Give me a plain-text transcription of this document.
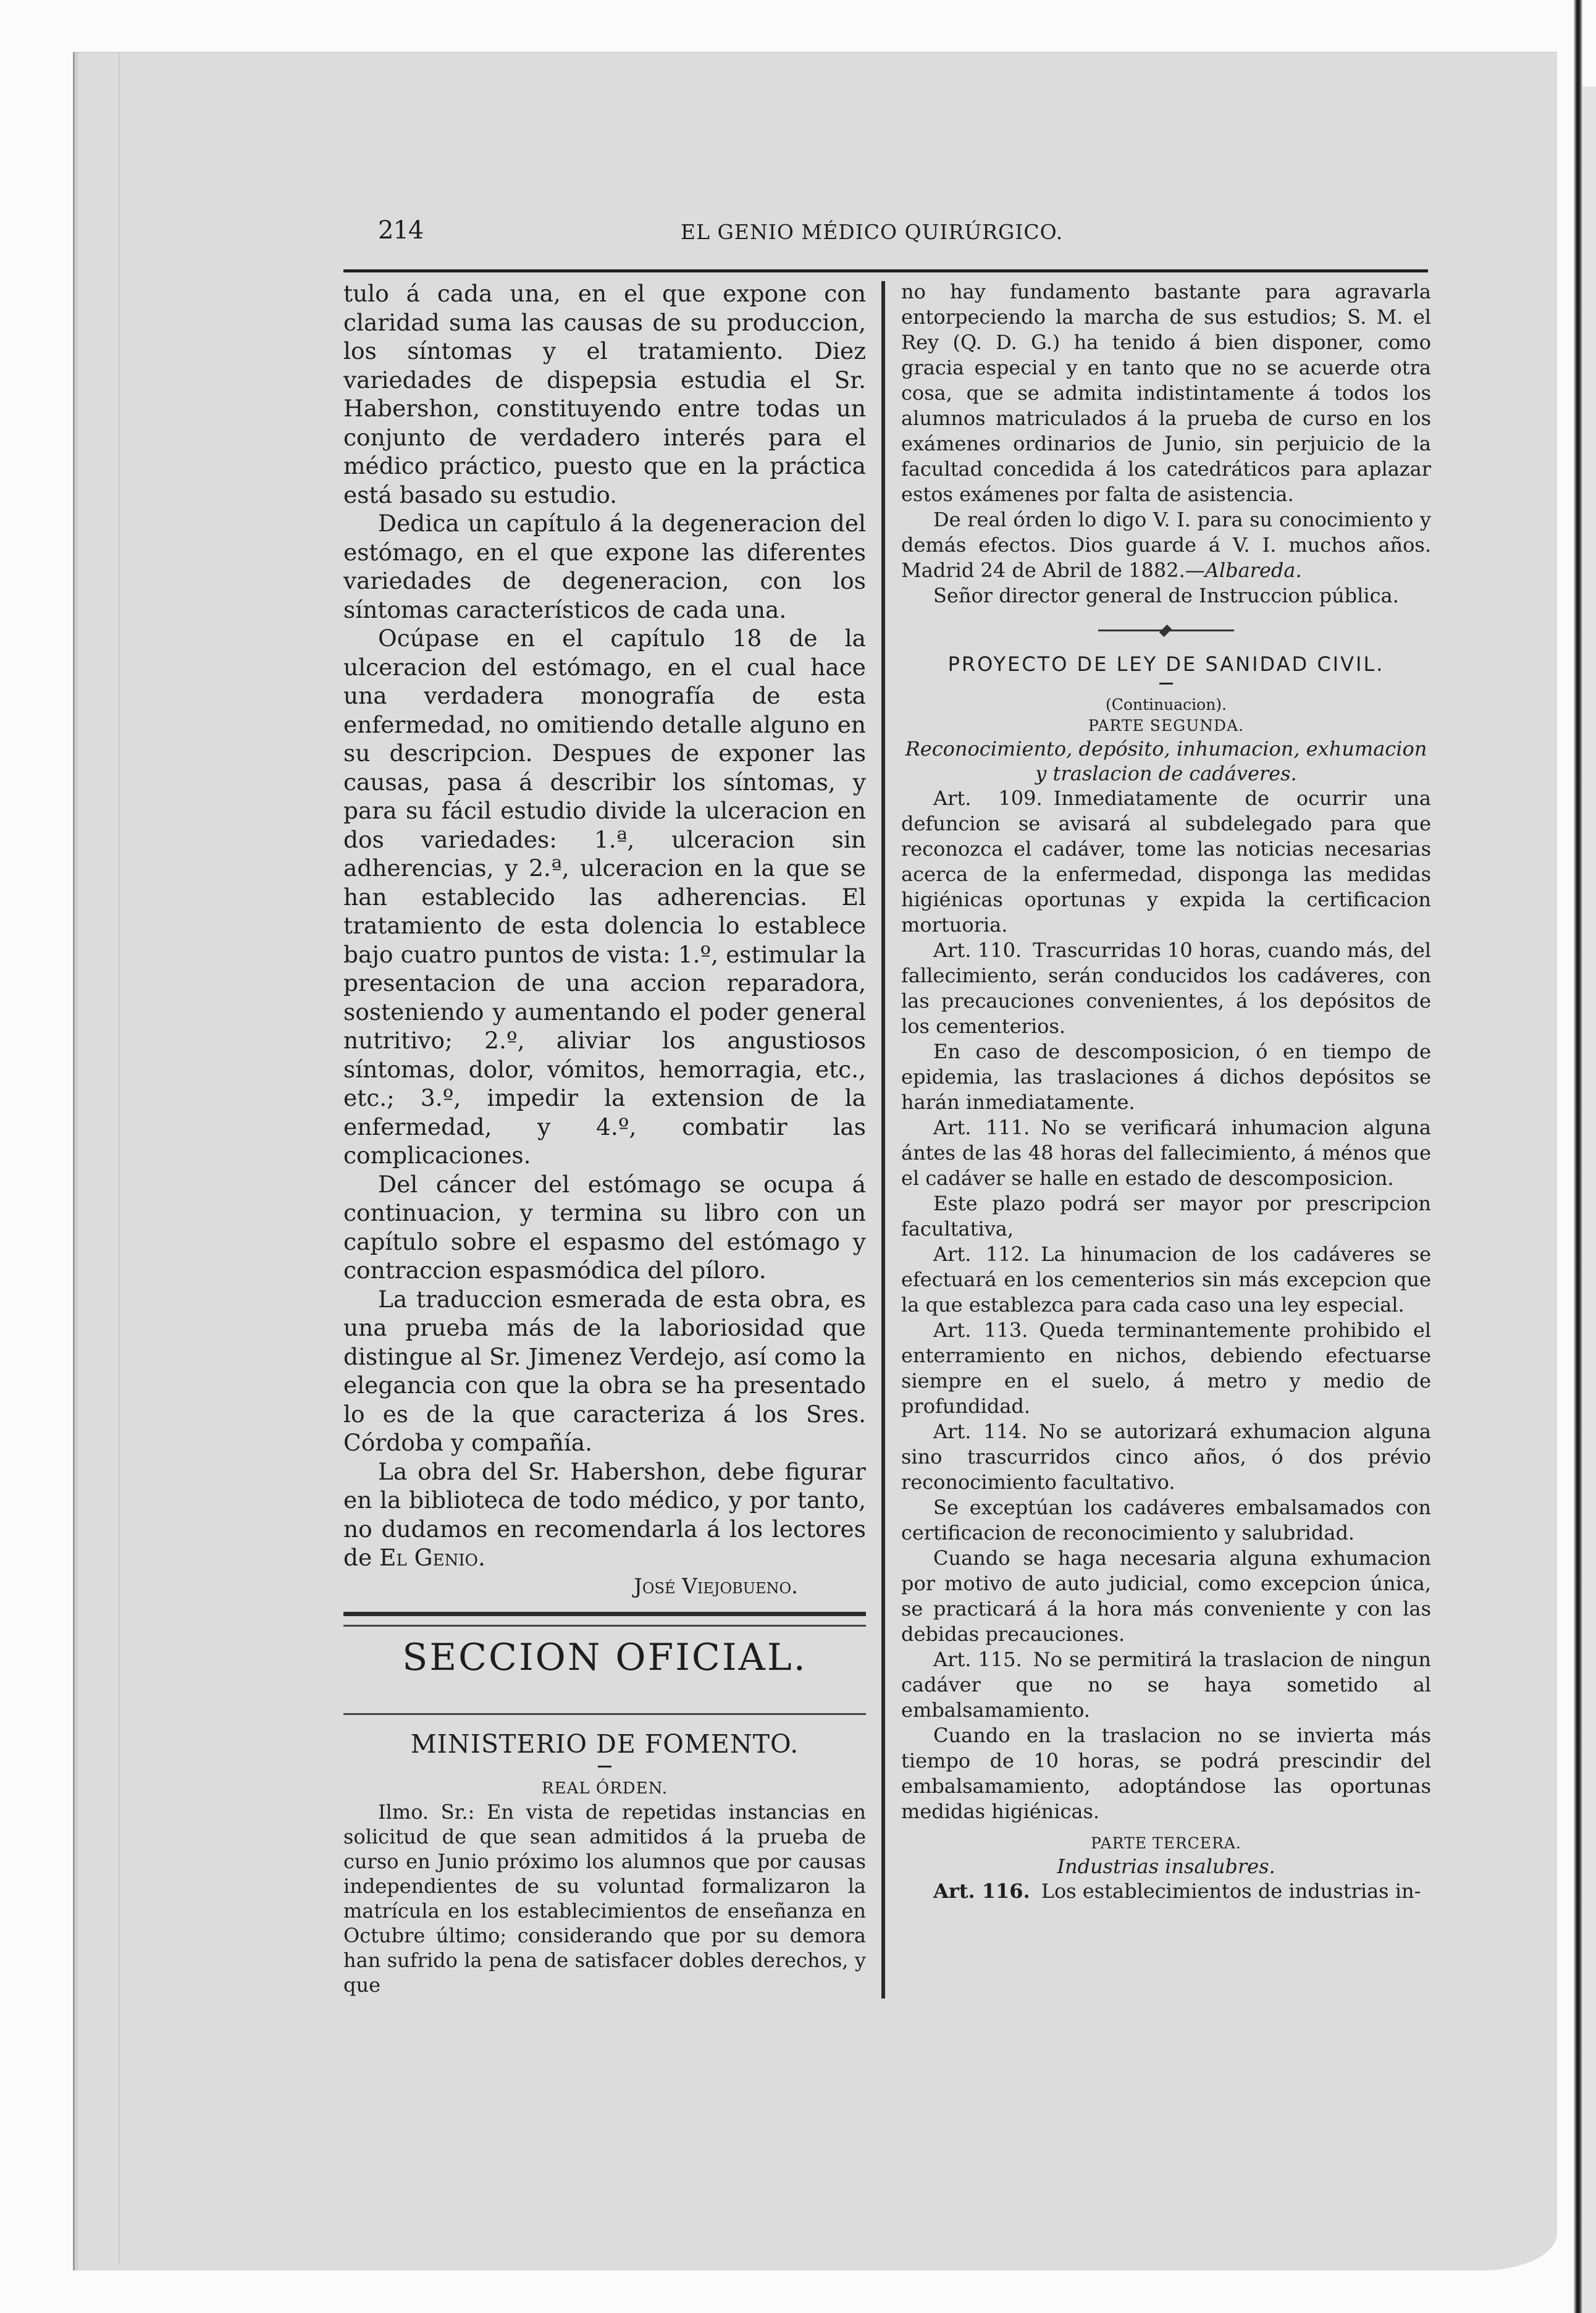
214	EL GENIO MÉDICO QUIRÚRGICO.

tulo á cada una, en el que expone con claridad suma las causas de su produccion, los síntomas y el tratamiento. Diez variedades de dispepsia estudia el Sr. Habershon, constituyendo entre todas un conjunto de verdadero interés para el médico práctico, puesto que en la práctica está basado su estudio.

Dedica un capítulo á la degeneracion del estómago, en el que expone las diferentes variedades de degeneracion, con los síntomas característicos de cada una.

Ocúpase en el capítulo 18 de la ulceracion del estómago, en el cual hace una verdadera monografía de esta enfermedad, no omitiendo detalle alguno en su descripcion. Despues de exponer las causas, pasa á describir los síntomas, y para su fácil estudio divide la ulceracion en dos variedades: 1.ª, ulceracion sin adherencias, y 2.ª, ulceracion en la que se han establecido las adherencias. El tratamiento de esta dolencia lo establece bajo cuatro puntos de vista: 1.º, estimular la presentacion de una accion reparadora, sosteniendo y aumentando el poder general nutritivo; 2.º, aliviar los angustiosos síntomas, dolor, vómitos, hemorragia, etc., etc.; 3.º, impedir la extension de la enfermedad, y 4.º, combatir las complicaciones.

Del cáncer del estómago se ocupa á continuacion, y termina su libro con un capítulo sobre el espasmo del estómago y contraccion espasmódica del píloro.

La traduccion esmerada de esta obra, es una prueba más de la laboriosidad que distingue al Sr. Jimenez Verdejo, así como la elegancia con que la obra se ha presentado lo es de la que caracteriza á los Sres. Córdoba y compañía.

La obra del Sr. Habershon, debe figurar en la biblioteca de todo médico, y por tanto, no dudamos en recomendarla á los lectores de El Genio.

José Viejobueno.

SECCION OFICIAL.
MINISTERIO DE FOMENTO.
REAL ÓRDEN.

Ilmo. Sr.: En vista de repetidas instancias en solicitud de que sean admitidos á la prueba de curso en Junio próximo los alumnos que por causas independientes de su voluntad formalizaron la matrícula en los establecimientos de enseñanza en Octubre último; considerando que por su demora han sufrido la pena de satisfacer dobles derechos, y que

no hay fundamento bastante para agravarla entorpeciendo la marcha de sus estudios; S. M. el Rey (Q. D. G.) ha tenido á bien disponer, como gracia especial y en tanto que no se acuerde otra cosa, que se admita indistintamente á todos los alumnos matriculados á la prueba de curso en los exámenes ordinarios de Junio, sin perjuicio de la facultad concedida á los catedráticos para aplazar estos exámenes por falta de asistencia.

De real órden lo digo V. I. para su conocimiento y demás efectos. Dios guarde á V. I. muchos años. Madrid 24 de Abril de 1882.—Albareda.

Señor director general de Instruccion pública.

PROYECTO DE LEY DE SANIDAD CIVIL.
(Continuacion).
PARTE SEGUNDA.
Reconocimiento, depósito, inhumacion, exhumacion y traslacion de cadáveres.

Art. 109. Inmediatamente de ocurrir una defuncion se avisará al subdelegado para que reconozca el cadáver, tome las noticias necesarias acerca de la enfermedad, disponga las medidas higiénicas oportunas y expida la certificacion mortuoria.

Art. 110. Trascurridas 10 horas, cuando más, del fallecimiento, serán conducidos los cadáveres, con las precauciones convenientes, á los depósitos de los cementerios.

En caso de descomposicion, ó en tiempo de epidemia, las traslaciones á dichos depósitos se harán inmediatamente.

Art. 111. No se verificará inhumacion alguna ántes de las 48 horas del fallecimiento, á ménos que el cadáver se halle en estado de descomposicion.

Este plazo podrá ser mayor por prescripcion facultativa,

Art. 112. La hinumacion de los cadáveres se efectuará en los cementerios sin más excepcion que la que establezca para cada caso una ley especial.

Art. 113. Queda terminantemente prohibido el enterramiento en nichos, debiendo efectuarse siempre en el suelo, á metro y medio de profundidad.

Art. 114. No se autorizará exhumacion alguna sino trascurridos cinco años, ó dos prévio reconocimiento facultativo.

Se exceptúan los cadáveres embalsamados con certificacion de reconocimiento y salubridad.

Cuando se haga necesaria alguna exhumacion por motivo de auto judicial, como excepcion única, se practicará á la hora más conveniente y con las debidas precauciones.

Art. 115. No se permitirá la traslacion de ningun cadáver que no se haya sometido al embalsamamiento.

Cuando en la traslacion no se invierta más tiempo de 10 horas, se podrá prescindir del embalsamamiento, adoptándose las oportunas medidas higiénicas.

PARTE TERCERA.
Industrias insalubres.

Art. 116. Los establecimientos de industrias in-
